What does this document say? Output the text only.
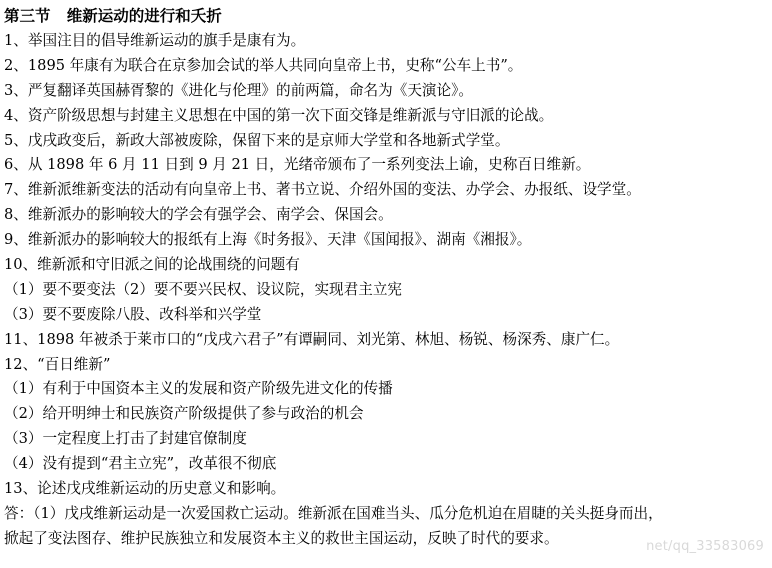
第三节   维新运动的进行和夭折
1、举国注目的倡导维新运动的旗手是康有为。
2、1895 年康有为联合在京参加会试的举人共同向皇帝上书，史称“公车上书”。
3、严复翻译英国赫胥黎的《进化与伦理》的前两篇，命名为《天演论》。
4、资产阶级思想与封建主义思想在中国的第一次下面交锋是维新派与守旧派的论战。
5、戊戌政变后，新政大部被废除，保留下来的是京师大学堂和各地新式学堂。
6、从 1898 年 6 月 11 日到 9 月 21 日，光绪帝颁布了一系列变法上谕，史称百日维新。
7、维新派维新变法的活动有向皇帝上书、著书立说、介绍外国的变法、办学会、办报纸、设学堂。
8、维新派办的影响较大的学会有强学会、南学会、保国会。
9、维新派办的影响较大的报纸有上海《时务报》、天津《国闻报》、湖南《湘报》。
10、维新派和守旧派之间的论战围绕的问题有
（1）要不要变法（2）要不要兴民权、设议院，实现君主立宪
（3）要不要废除八股、改科举和兴学堂
11、1898 年被杀于莱市口的“戊戌六君子”有谭嗣同、刘光第、林旭、杨锐、杨深秀、康广仁。
12、“百日维新”
（1）有利于中国资本主义的发展和资产阶级先进文化的传播
（2）给开明绅士和民族资产阶级提供了参与政治的机会
（3）一定程度上打击了封建官僚制度
（4）没有提到“君主立宪”，改革很不彻底
13、论述戊戌维新运动的历史意义和影响。
答：（1）戊戌维新运动是一次爱国救亡运动。维新派在国难当头、瓜分危机迫在眉睫的关头挺身而出，
掀起了变法图存、维护民族独立和发展资本主义的救世主国运动，反映了时代的要求。	net/qq_33583069
